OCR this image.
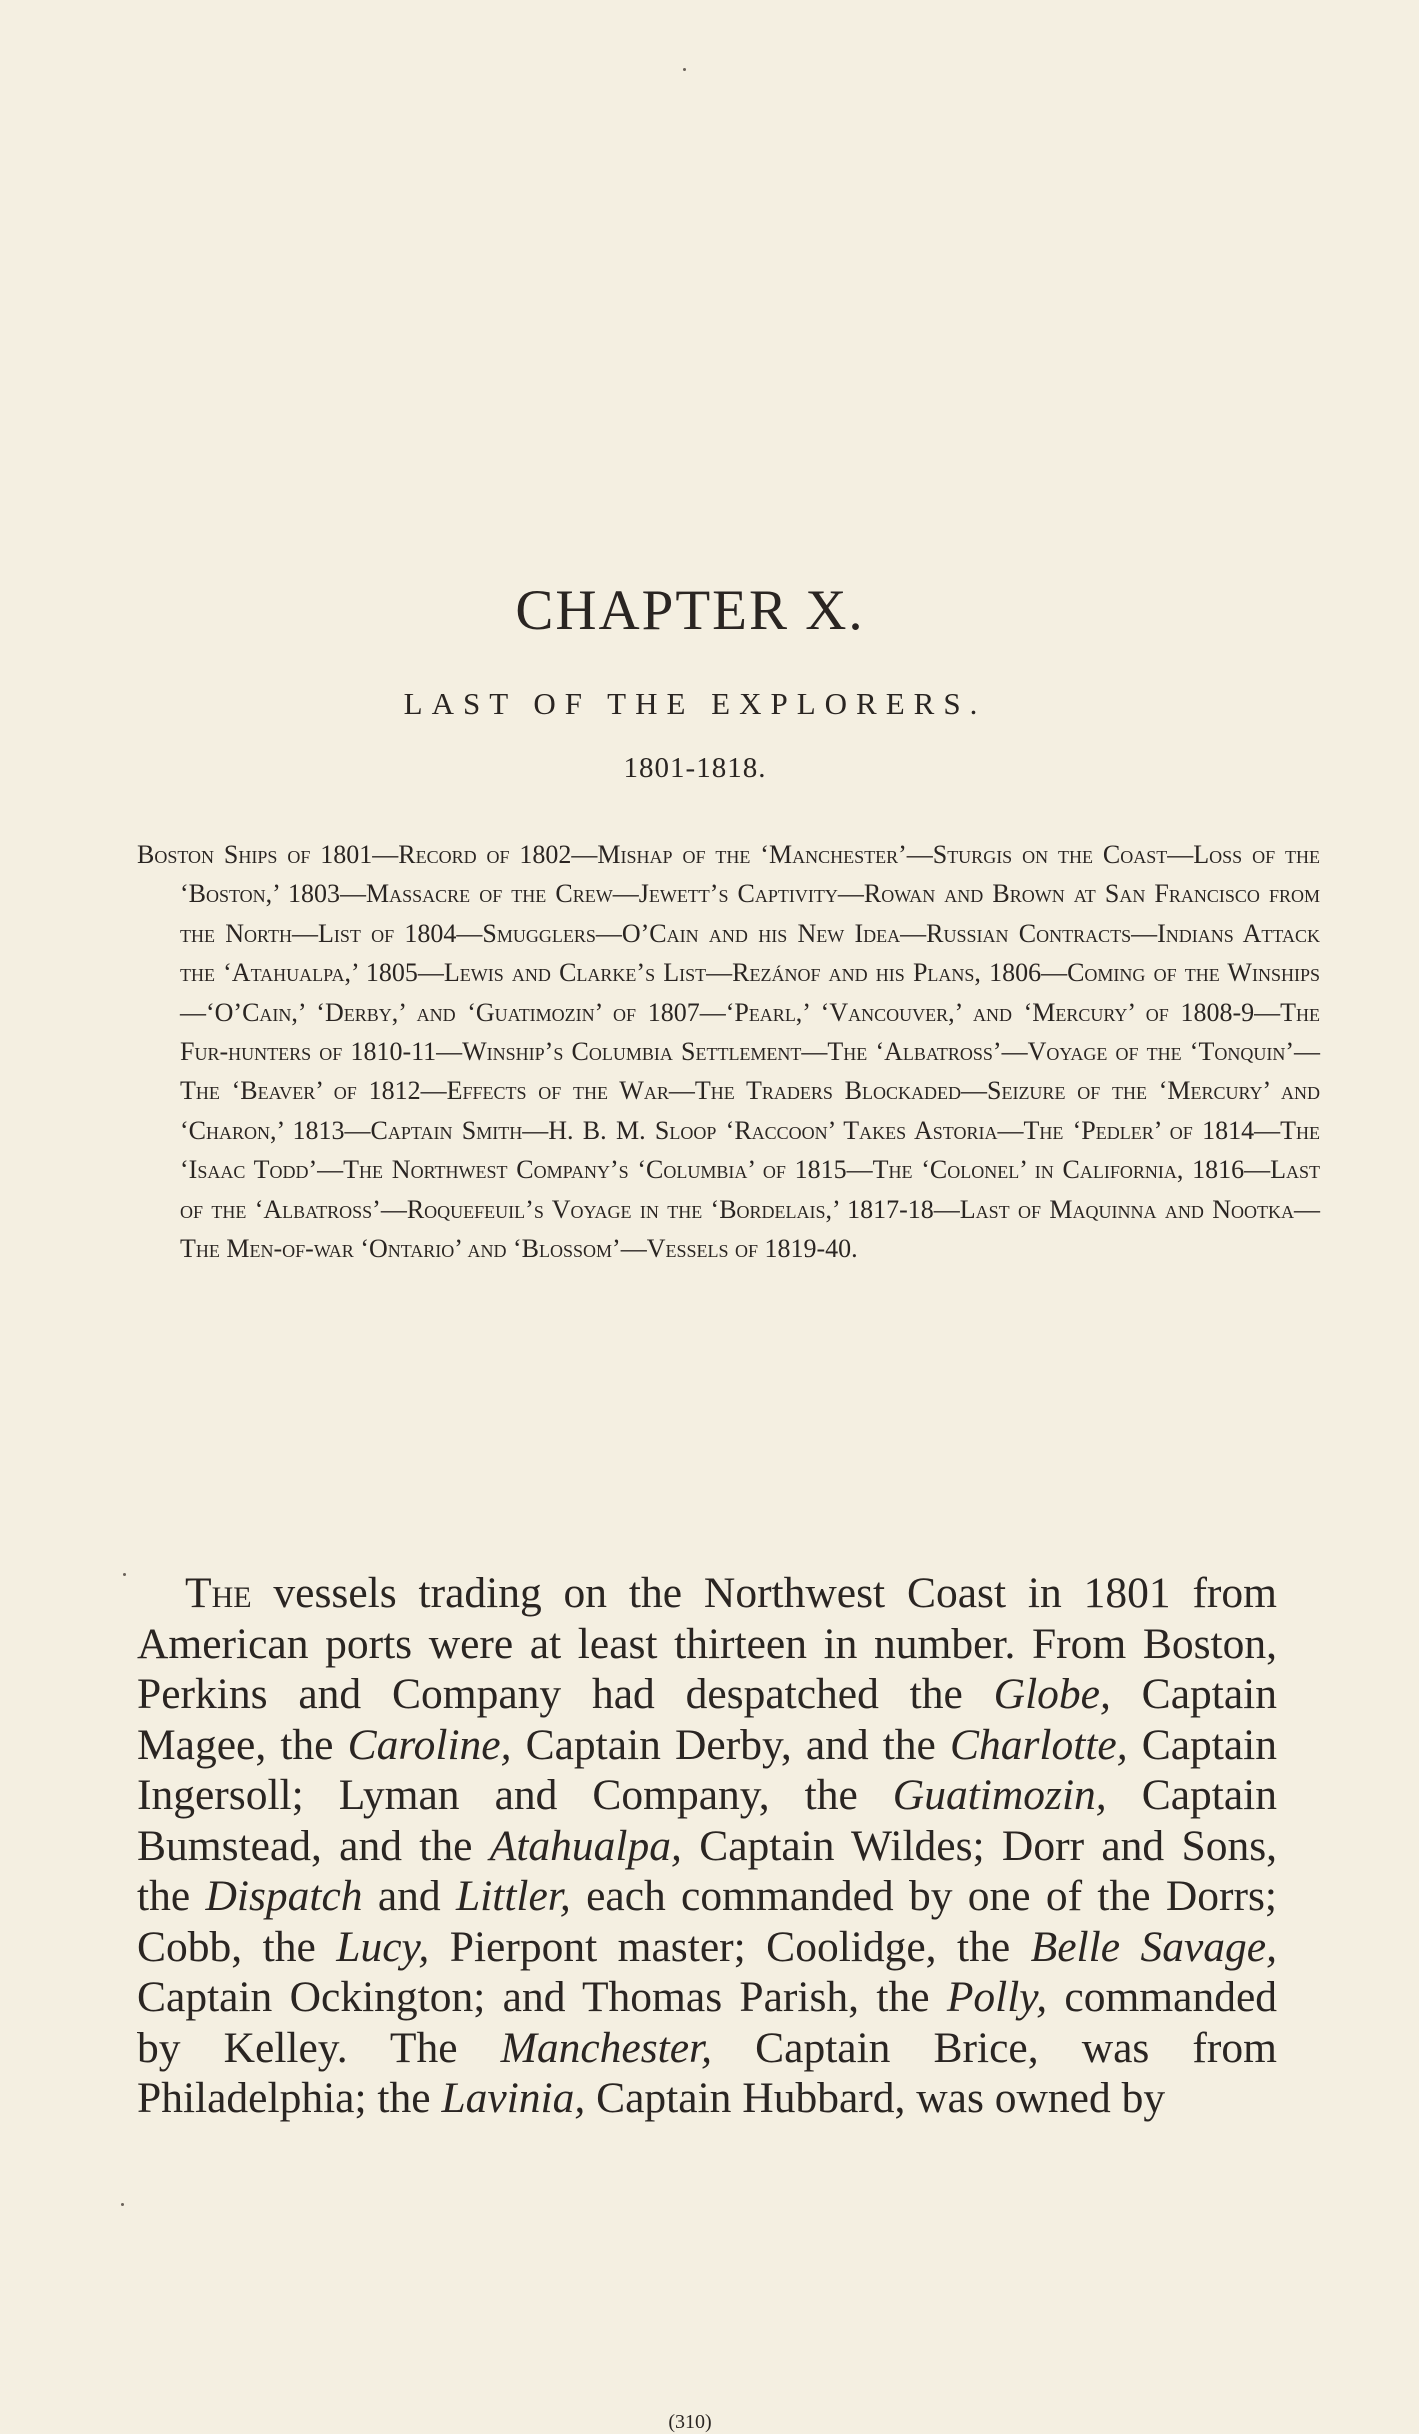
CHAPTER X.
LAST OF THE EXPLORERS.

1801-1818.

Boston Ships of 1801—Record of 1802—Mishap of the ‘Manchester’—Sturgis on the Coast—Loss of the ‘Boston,’ 1803—Massacre of the Crew—Jewett’s Captivity—Rowan and Brown at San Francisco from the North—List of 1804—Smugglers—O’Cain and his New Idea—Russian Contracts—Indians Attack the ‘Atahualpa,’ 1805—Lewis and Clarke’s List—Rezánof and his Plans, 1806—Coming of the Winships—‘O’Cain,’ ‘Derby,’ and ‘Guatimozin’ of 1807—‘Pearl,’ ‘Vancouver,’ and ‘Mercury’ of 1808-9—The Fur-hunters of 1810-11—Winship’s Columbia Settlement—The ‘Albatross’—Voyage of the ‘Tonquin’—The ‘Beaver’ of 1812—Effects of the War—The Traders Blockaded—Seizure of the ‘Mercury’ and ‘Charon,’ 1813—Captain Smith—H. B. M. Sloop ‘Raccoon’ Takes Astoria—The ‘Pedler’ of 1814—The ‘Isaac Todd’—The Northwest Company’s ‘Columbia’ of 1815—The ‘Colonel’ in California, 1816—Last of the ‘Albatross’—Roquefeuil’s Voyage in the ‘Bordelais,’ 1817-18—Last of Maquinna and Nootka—The Men-of-war ‘Ontario’ and ‘Blossom’—Vessels of 1819-40.

The vessels trading on the Northwest Coast in 1801 from American ports were at least thirteen in number. From Boston, Perkins and Company had despatched the Globe, Captain Magee, the Caroline, Captain Derby, and the Charlotte, Captain Ingersoll; Lyman and Company, the Guatimozin, Captain Bumstead, and the Atahualpa, Captain Wildes; Dorr and Sons, the Dispatch and Littler, each commanded by one of the Dorrs; Cobb, the Lucy, Pierpont master; Coolidge, the Belle Savage, Captain Ockington; and Thomas Parish, the Polly, commanded by Kelley. The Manchester, Captain Brice, was from Philadelphia; the Lavinia, Captain Hubbard, was owned by

(310)
